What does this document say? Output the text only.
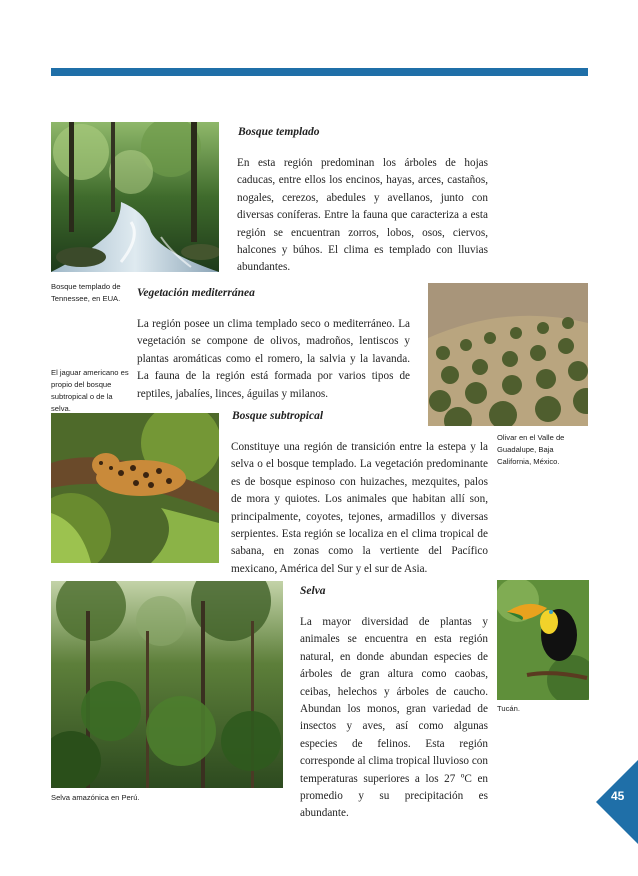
Bosque templado
En esta región predominan los árboles de hojas caducas, entre ellos los encinos, hayas, arces, castaños, nogales, cerezos, abedules y avellanos, junto con diversas coníferas. Entre la fauna que caracteriza a esta región se encuentran zorros, lobos, osos, ciervos, halcones y búhos. El clima es templado con lluvias abundantes.
Bosque templado de Tennessee, en EUA. Vegetación mediterránea
La región posee un clima templado seco o mediterráneo. La vegetación se compone de olivos, madroños, lentiscos y plantas aromáticas como el romero, la salvia y la lavanda. La fauna de la región está formada por varios tipos de reptiles, jabalíes, linces, águilas y milanos.
El jaguar americano es propio del bosque subtropical o de la selva.
Bosque subtropical
Constituye una región de transición entre la estepa y la selva o el bosque templado. La vegetación predominante es de bosque espinoso con huizaches, mezquites, palos de mora y quiotes. Los animales que habitan allí son, principalmente, coyotes, tejones, armadillos y diversas serpientes. Esta región se localiza en el clima tropical de sabana, en zonas como la vertiente del Pacífico mexicano, América del Sur y el sur de Asia.
Olivar en el Valle de Guadalupe, Baja California, México.
Selva
La mayor diversidad de plantas y animales se encuentra en esta región natural, en donde abundan especies de árboles de gran altura como caobas, ceibas, helechos y árboles de caucho. Abundan los monos, gran variedad de insectos y aves, así como algunas especies de felinos. Esta región corresponde al clima tropical lluvioso con temperaturas superiores a los 27 ºC en promedio y su precipitación es abundante.
Tucán.
Selva amazónica en Perú.	45
